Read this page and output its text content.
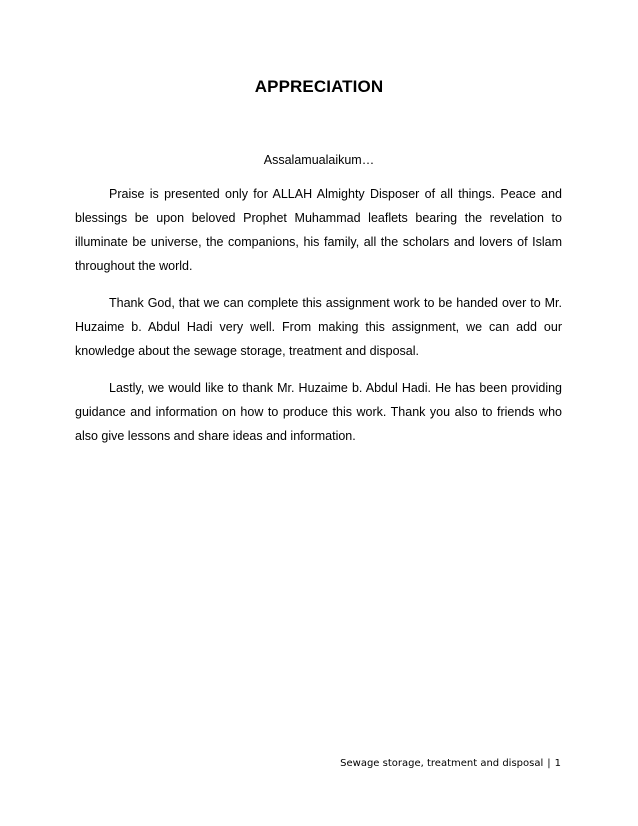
APPRECIATION

Assalamualaikum…

Praise is presented only for ALLAH Almighty Disposer of all things. Peace and blessings be upon beloved Prophet Muhammad leaflets bearing the revelation to illuminate be universe, the companions, his family, all the scholars and lovers of Islam throughout the world.

Thank God, that we can complete this assignment work to be handed over to Mr. Huzaime b. Abdul Hadi very well. From making this assignment, we can add our knowledge about the sewage storage, treatment and disposal.

Lastly, we would like to thank Mr. Huzaime b. Abdul Hadi. He has been providing guidance and information on how to produce this work. Thank you also to friends who also give lessons and share ideas and information.

Sewage storage, treatment and disposal | 1
